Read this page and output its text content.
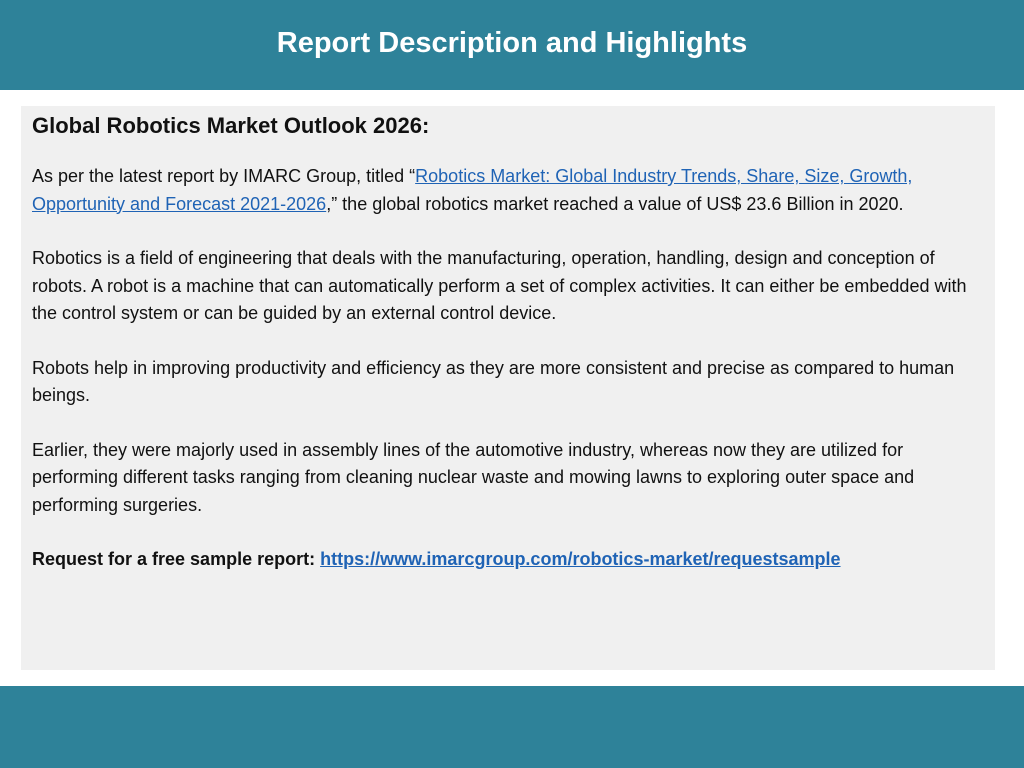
Report Description and Highlights
Global Robotics Market Outlook 2026:

As per the latest report by IMARC Group, titled “Robotics Market: Global Industry Trends, Share, Size, Growth, Opportunity and Forecast 2021-2026,” the global robotics market reached a value of US$ 23.6 Billion in 2020.

Robotics is a field of engineering that deals with the manufacturing, operation, handling, design and conception of robots. A robot is a machine that can automatically perform a set of complex activities. It can either be embedded with the control system or can be guided by an external control device.

Robots help in improving productivity and efficiency as they are more consistent and precise as compared to human beings.

Earlier, they were majorly used in assembly lines of the automotive industry, whereas now they are utilized for performing different tasks ranging from cleaning nuclear waste and mowing lawns to exploring outer space and performing surgeries.

Request for a free sample report: https://www.imarcgroup.com/robotics-market/requestsample
